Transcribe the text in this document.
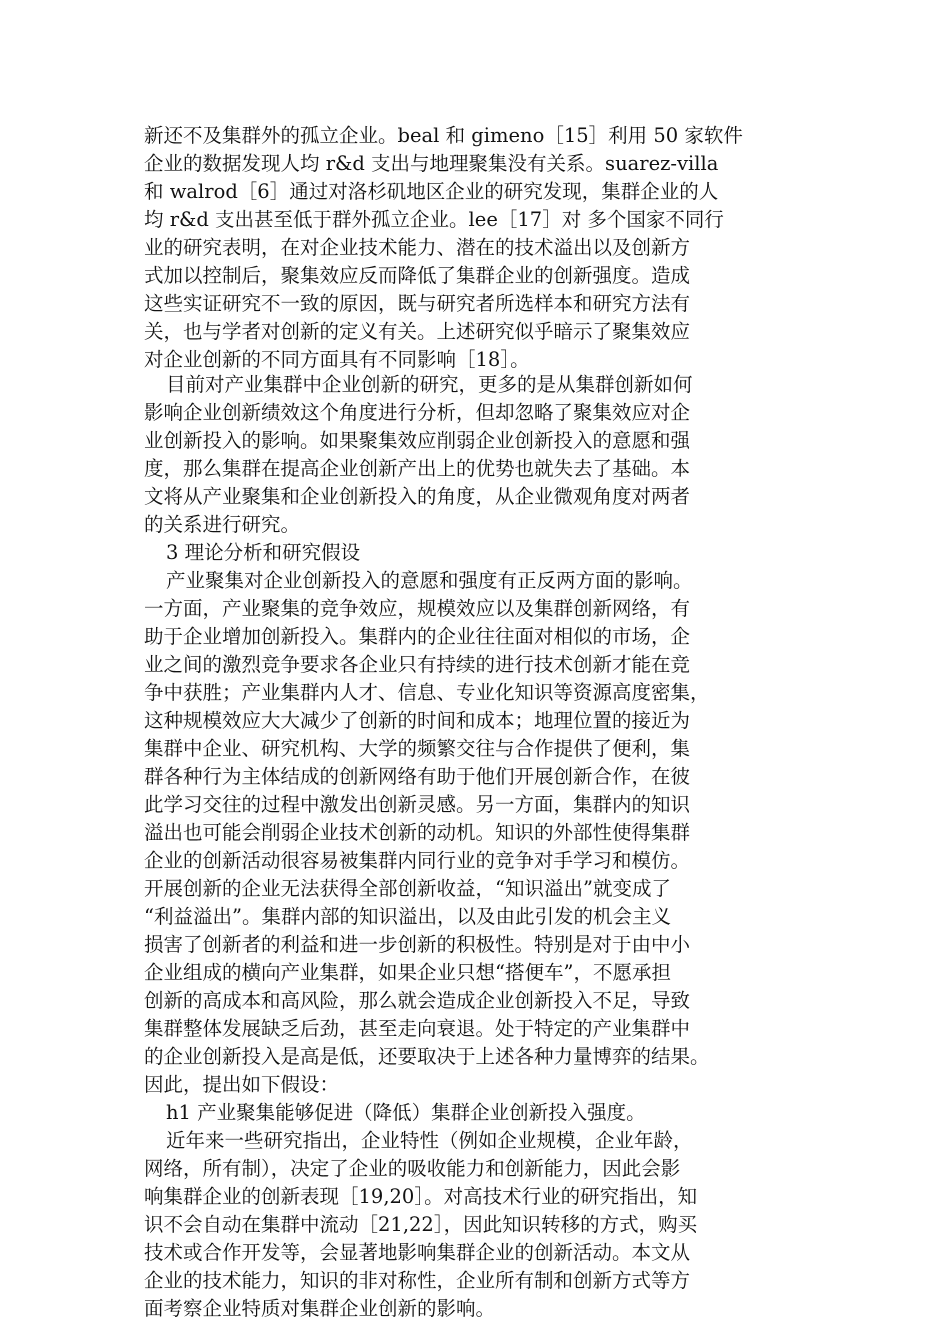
新还不及集群外的孤立企业。beal 和 gimeno［15］利用 50 家软件
企业的数据发现人均 r&d 支出与地理聚集没有关系。suarez-villa
和 walrod［6］通过对洛杉矶地区企业的研究发现，集群企业的人
均 r&d 支出甚至低于群外孤立企业。lee［17］对 多个国家不同行
业的研究表明，在对企业技术能力、潜在的技术溢出以及创新方
式加以控制后，聚集效应反而降低了集群企业的创新强度。造成
这些实证研究不一致的原因，既与研究者所选样本和研究方法有
关，也与学者对创新的定义有关。上述研究似乎暗示了聚集效应
对企业创新的不同方面具有不同影响［18］。
目前对产业集群中企业创新的研究，更多的是从集群创新如何
影响企业创新绩效这个角度进行分析，但却忽略了聚集效应对企
业创新投入的影响。如果聚集效应削弱企业创新投入的意愿和强
度，那么集群在提高企业创新产出上的优势也就失去了基础。本
文将从产业聚集和企业创新投入的角度，从企业微观角度对两者
的关系进行研究。
3 理论分析和研究假设
产业聚集对企业创新投入的意愿和强度有正反两方面的影响。
一方面，产业聚集的竞争效应，规模效应以及集群创新网络，有
助于企业增加创新投入。集群内的企业往往面对相似的市场，企
业之间的激烈竞争要求各企业只有持续的进行技术创新才能在竞
争中获胜；产业集群内人才、信息、专业化知识等资源高度密集，
这种规模效应大大减少了创新的时间和成本；地理位置的接近为
集群中企业、研究机构、大学的频繁交往与合作提供了便利，集
群各种行为主体结成的创新网络有助于他们开展创新合作，在彼
此学习交往的过程中激发出创新灵感。另一方面，集群内的知识
溢出也可能会削弱企业技术创新的动机。知识的外部性使得集群
企业的创新活动很容易被集群内同行业的竞争对手学习和模仿。
开展创新的企业无法获得全部创新收益，“知识溢出”就变成了
“利益溢出”。集群内部的知识溢出，以及由此引发的机会主义
损害了创新者的利益和进一步创新的积极性。特别是对于由中小
企业组成的横向产业集群，如果企业只想“搭便车”，不愿承担
创新的高成本和高风险，那么就会造成企业创新投入不足，导致
集群整体发展缺乏后劲，甚至走向衰退。处于特定的产业集群中
的企业创新投入是高是低，还要取决于上述各种力量博弈的结果。
因此，提出如下假设：
h1 产业聚集能够促进（降低）集群企业创新投入强度。
近年来一些研究指出，企业特性（例如企业规模，企业年龄，
网络，所有制），决定了企业的吸收能力和创新能力，因此会影
响集群企业的创新表现［19,20］。对高技术行业的研究指出，知
识不会自动在集群中流动［21,22］，因此知识转移的方式，购买
技术或合作开发等，会显著地影响集群企业的创新活动。本文从
企业的技术能力，知识的非对称性，企业所有制和创新方式等方
面考察企业特质对集群企业创新的影响。
